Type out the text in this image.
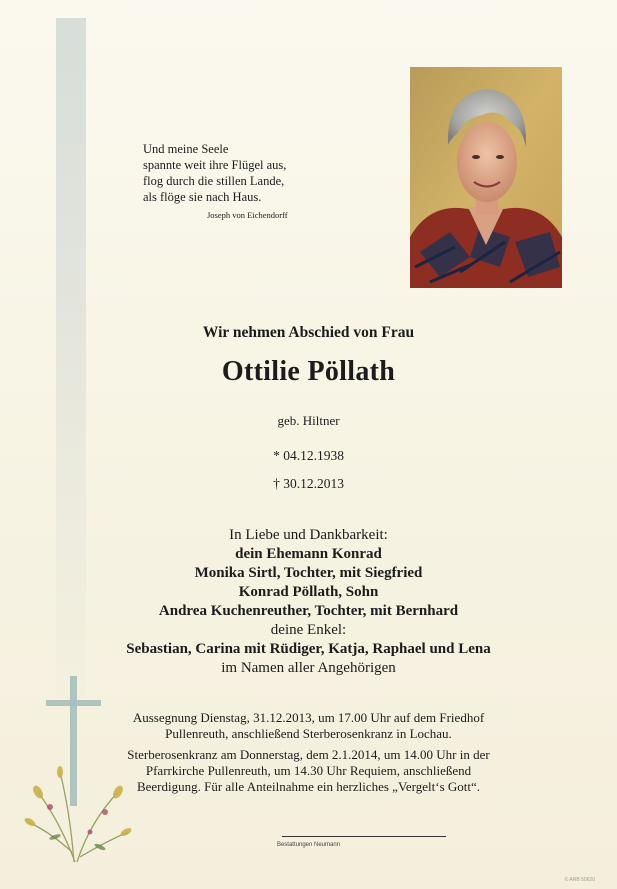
Und meine Seele
spannte weit ihre Flügel aus,
flog durch die stillen Lande,
als flöge sie nach Haus.
Joseph von Eichendorff
Wir nehmen Abschied von Frau
Ottilie Pöllath
geb. Hiltner
* 04.12.1938
† 30.12.2013
In Liebe und Dankbarkeit:
dein Ehemann Konrad
Monika Sirtl, Tochter, mit Siegfried
Konrad Pöllath, Sohn
Andrea Kuchenreuther, Tochter, mit Bernhard
deine Enkel:
Sebastian, Carina mit Rüdiger, Katja, Raphael und Lena
im Namen aller Angehörigen

Aussegnung Dienstag, 31.12.2013, um 17.00 Uhr auf dem Friedhof
Pullenreuth, anschließend Sterberosenkranz in Lochau.

Sterberosenkranz am Donnerstag, dem 2.1.2014, um 14.00 Uhr in der
Pfarrkirche Pullenreuth, um 14.30 Uhr Requiem, anschließend
Beerdigung. Für alle Anteilnahme ein herzliches „Vergelt‘s Gott“.

Bestattungen Neumann
© ARB 50620
